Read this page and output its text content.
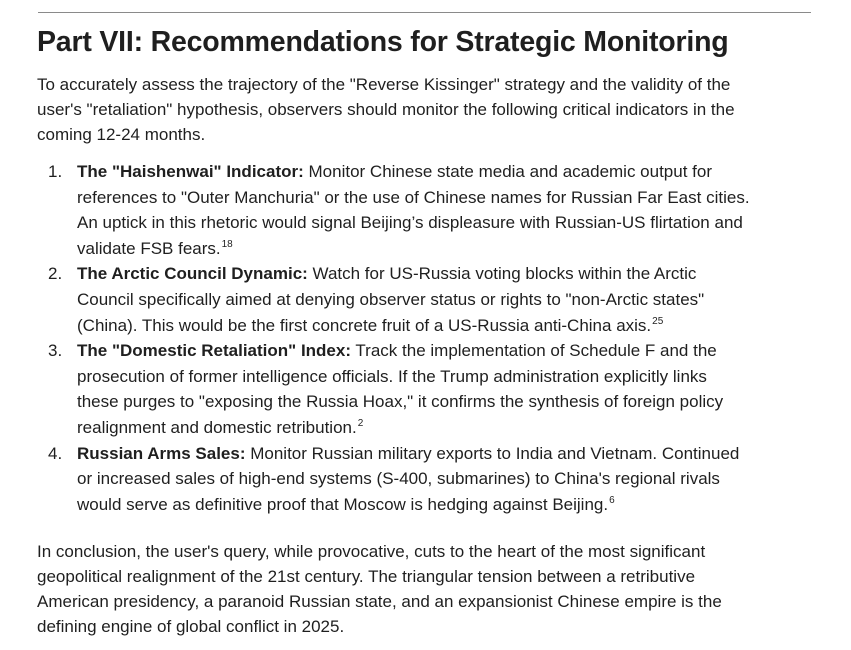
Part VII: Recommendations for Strategic Monitoring

To accurately assess the trajectory of the "Reverse Kissinger" strategy and the validity of the
user's "retaliation" hypothesis, observers should monitor the following critical indicators in the
coming 12-24 months.

1. The "Haishenwai" Indicator: Monitor Chinese state media and academic output for
references to "Outer Manchuria" or the use of Chinese names for Russian Far East cities.
An uptick in this rhetoric would signal Beijing’s displeasure with Russian-US flirtation and
validate FSB fears.$^{18}$
2. The Arctic Council Dynamic: Watch for US-Russia voting blocks within the Arctic
Council specifically aimed at denying observer status or rights to "non-Arctic states"
(China). This would be the first concrete fruit of a US-Russia anti-China axis.$^{25}$
3. The "Domestic Retaliation" Index: Track the implementation of Schedule F and the
prosecution of former intelligence officials. If the Trump administration explicitly links
these purges to "exposing the Russia Hoax," it confirms the synthesis of foreign policy
realignment and domestic retribution.$^2$
4. Russian Arms Sales: Monitor Russian military exports to India and Vietnam. Continued
or increased sales of high-end systems (S-400, submarines) to China's regional rivals
would serve as definitive proof that Moscow is hedging against Beijing.$^6$

In conclusion, the user's query, while provocative, cuts to the heart of the most significant
geopolitical realignment of the 21st century. The triangular tension between a retributive
American presidency, a paranoid Russian state, and an expansionist Chinese empire is the
defining engine of global conflict in 2025.
